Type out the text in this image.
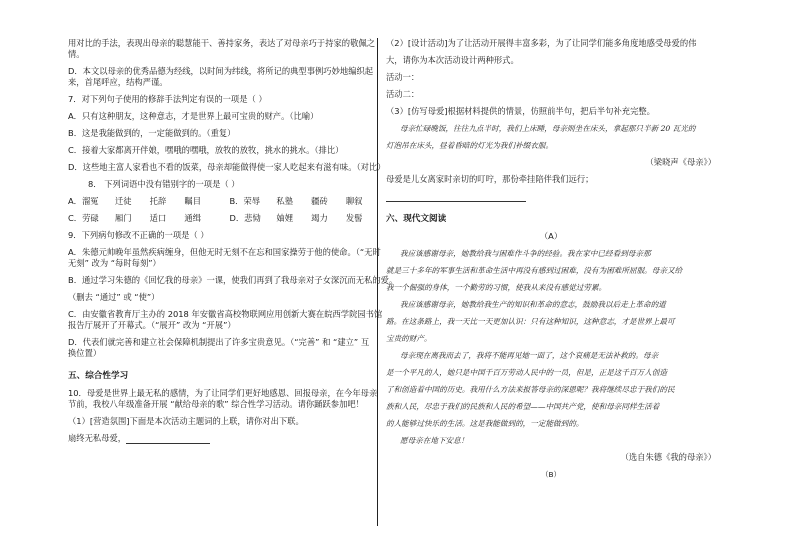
用对比的手法，表现出母亲的聪慧能干、善持家务，表达了对母亲巧于持家的敬佩之
情。
D．本文以母亲的优秀品德为经线，以时间为纬线，将所记的典型事例巧妙地编织起
来，首尾呼应，结构严谨。
7．对下列句子使用的修辞手法判定有误的一项是（ ）
A．只有这种朋友，这种意志，才是世界上最可宝贵的财产。（比喻）
B．这是我能做到的，一定能做到的。（重复）
C．接着大家都离开伴娘，嘿哦的嘿哦，放牧的放牧，挑水的挑水。（排比）
D．这些地主富人家看也不看的饭菜，母亲却能做得使一家人吃起来有滋有味。（对比）
8． 下列词语中没有错别字的一项是（ ）
A．溜冤	迁徒	托辞	瞩目	B．荣辱	私塾	疆砖	聊叙
C．劳碌	厢门	适口	通缉	D．悲恸	妯娌	竭力	发髻
9．下列病句修改不正确的一项是（ ）
A．朱德元帅晚年虽然疾病缠身，但他无时无刻不在忘和国家操劳于他的使命。（“无时
无刻” 改为 “每时每刻”）
B．通过学习朱德的《回忆我的母亲》一课，使我们再到了我母亲对子女深沉而无私的爱。
（删去 “通过” 或 “使”）
C．由安徽省教育厅主办的 2018 年安徽省高校物联网应用创新大赛在皖西学院园书馆
报告厅展开了开幕式。（“展开” 改为 “开展”）
D．代表们就完善和建立社会保障机制提出了许多宝贵意见。（“完善” 和 “建立” 互
换位置）
五、综合性学习
10．母爱是世界上最无私的感情，为了让同学们更好地感恩、回报母亲，在今年母亲
节前，我校八年级准备开展 “献给母亲的歌” 综合性学习活动。请你踊跃参加吧！
（1）[营造氛围]下面是本次活动主题词的上联，请你对出下联。
扇终无私母爱，
（2）[设计活动]为了让活动开展得丰富多彩，为了让同学们能多角度地感受母爱的伟
大，请你为本次活动设计两种形式。
活动一：
活动二：
（3）[仿写母爱]根据材料提供的情景，仿照前半句，把后半句补充完整。
母亲忙碌晚饭，往往九点半时，我们上床睡，母亲则坐在床头，拿起那只半新 20 瓦光的
灯泡吊在床头，昼着昏暗的灯光为我们补缀衣服。
（梁晓声《母亲》）
母爱是儿女离家时亲切的叮咛，那份牵挂陪伴我们远行；
六、现代文阅读
（A）
我应该感谢母亲，她教给我与困难作斗争的经验。我在家中已经看到母亲那
就是三十多年的军事生活和革命生活中再没有感到过困难，没有为困难所屈服。母亲又给
我一个倔强的身体，一个勤劳的习惯，使我从来没有感觉过劳累。
我应该感谢母亲，她教给我生产的知识和革命的意志，鼓励我以后走上革命的道
路。在这条路上，我一天比一天更加认识：只有这种知识，这种意志，才是世界上最可
宝贵的财产。
母亲现在离我而去了，我将不能再见她一面了，这个哀痛是无法补救的。母亲
是一个平凡的人，她只是中国千百万劳动人民中的一员，但是，正是这千百万人创造
了和创造着中国的历史。我用什么方法来报答母亲的深恩呢？我将继续尽忠于我们的民
族和人民，尽忠于我们的民族和人民的希望——中国共产党，使和母亲同样生活着
的人能够过快乐的生活。这是我能做到的，一定能做到的。
愿母亲在地下安息！
（选自朱德《我的母亲》）
（B）
